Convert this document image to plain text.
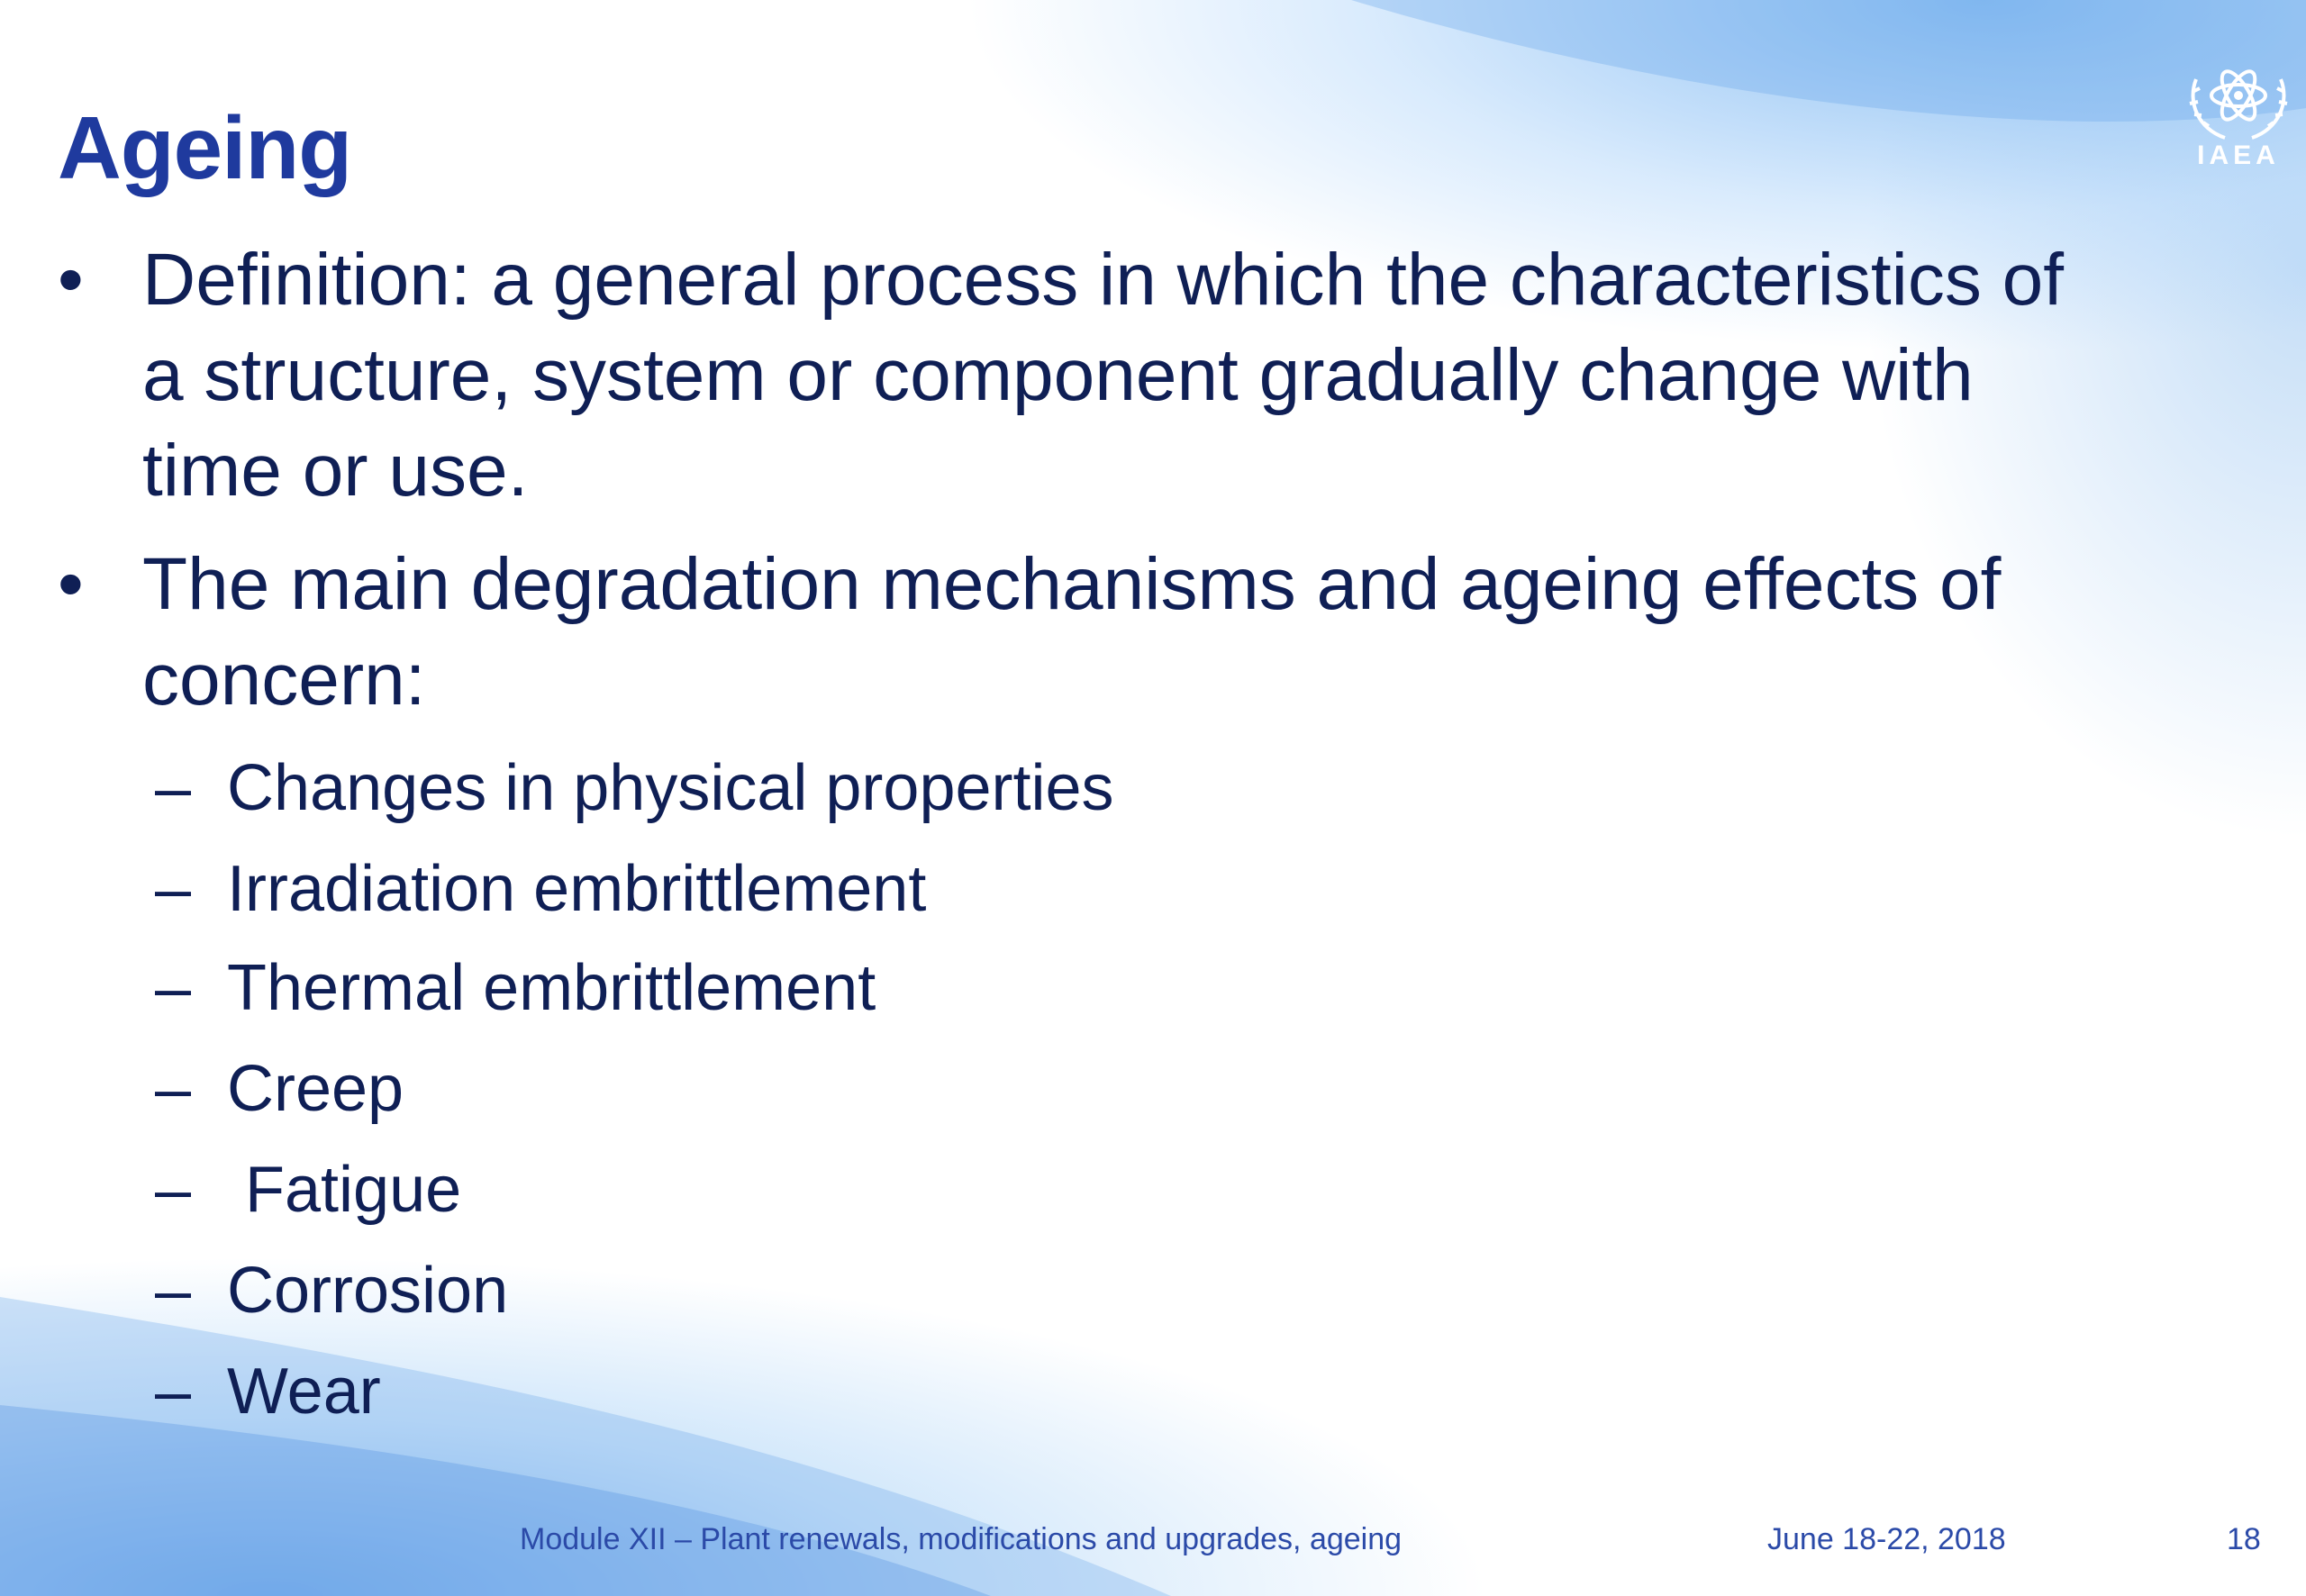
Ageing	IAEA
• Definition: a general process in which the characteristics of
a structure, system or component gradually change with
time or use.
• The main degradation mechanisms and ageing effects of
concern:
– Changes in physical properties
– Irradiation embrittlement
– Thermal embrittlement
– Creep
– Fatigue
– Corrosion
– Wear
Module XII – Plant renewals, modifications and upgrades, ageing	June 18-22, 2018	18
